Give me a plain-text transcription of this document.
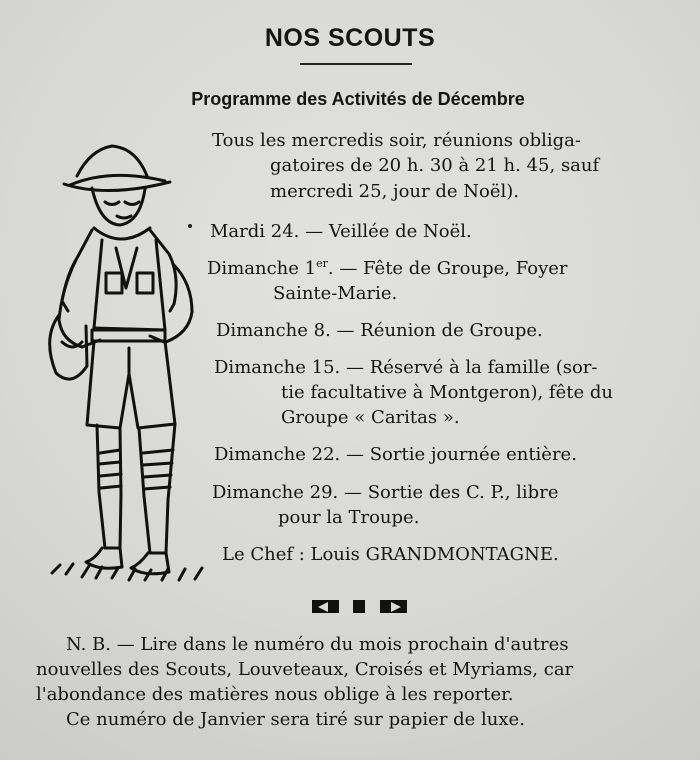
NOS SCOUTS
Programme des Activités de Décembre
Tous les mercredis soir, réunions obliga-
gatoires de 20 h. 30 à 21 h. 45, sauf
mercredi 25, jour de Noël).
Mardi 24. — Veillée de Noël.
Dimanche 1er. — Fête de Groupe, Foyer
Sainte-Marie.
Dimanche 8. — Réunion de Groupe.
Dimanche 15. — Réservé à la famille (sor-
tie facultative à Montgeron), fête du
Groupe « Caritas ».
Dimanche 22. — Sortie journée entière.
Dimanche 29. — Sortie des C. P., libre
pour la Troupe.
Le Chef : Louis GRANDMONTAGNE.
N. B. — Lire dans le numéro du mois prochain d'autres
nouvelles des Scouts, Louveteaux, Croisés et Myriams, car
l'abondance des matières nous oblige à les reporter.
Ce numéro de Janvier sera tiré sur papier de luxe.
